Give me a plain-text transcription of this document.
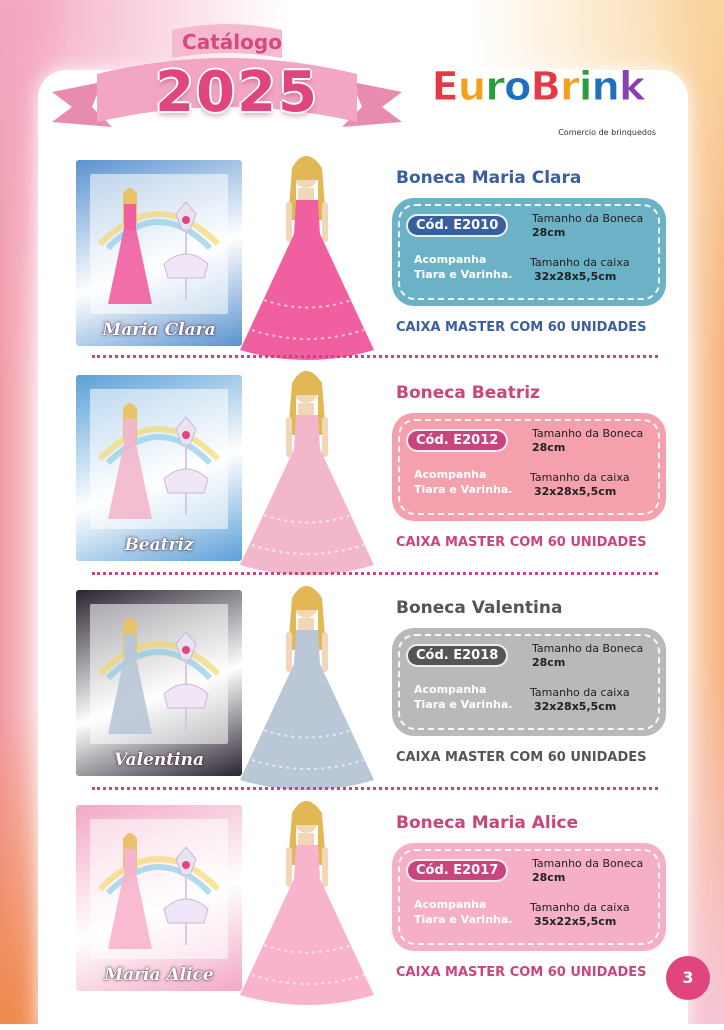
Catálogo
2025	EuroBrink
Comercio de brinquedos
Maria Clara
Boneca Maria Clara
Cód. E2010	Tamanho da Boneca
28cm
Acompanha
Tiara e Varinha.
Tamanho da caixa
32x28x5,5cm
CAIXA MASTER COM 60 UNIDADES
Beatriz
Boneca Beatriz
Cód. E2012	Tamanho da Boneca
28cm
Acompanha
Tiara e Varinha.
Tamanho da caixa
32x28x5,5cm
CAIXA MASTER COM 60 UNIDADES
Valentina
Boneca Valentina
Cód. E2018	Tamanho da Boneca
28cm
Acompanha
Tiara e Varinha.
Tamanho da caixa
32x28x5,5cm
CAIXA MASTER COM 60 UNIDADES
Maria Alice
Boneca Maria Alice
Cód. E2017	Tamanho da Boneca
28cm
Acompanha
Tiara e Varinha.
Tamanho da caixa
35x22x5,5cm
CAIXA MASTER COM 60 UNIDADES	3
